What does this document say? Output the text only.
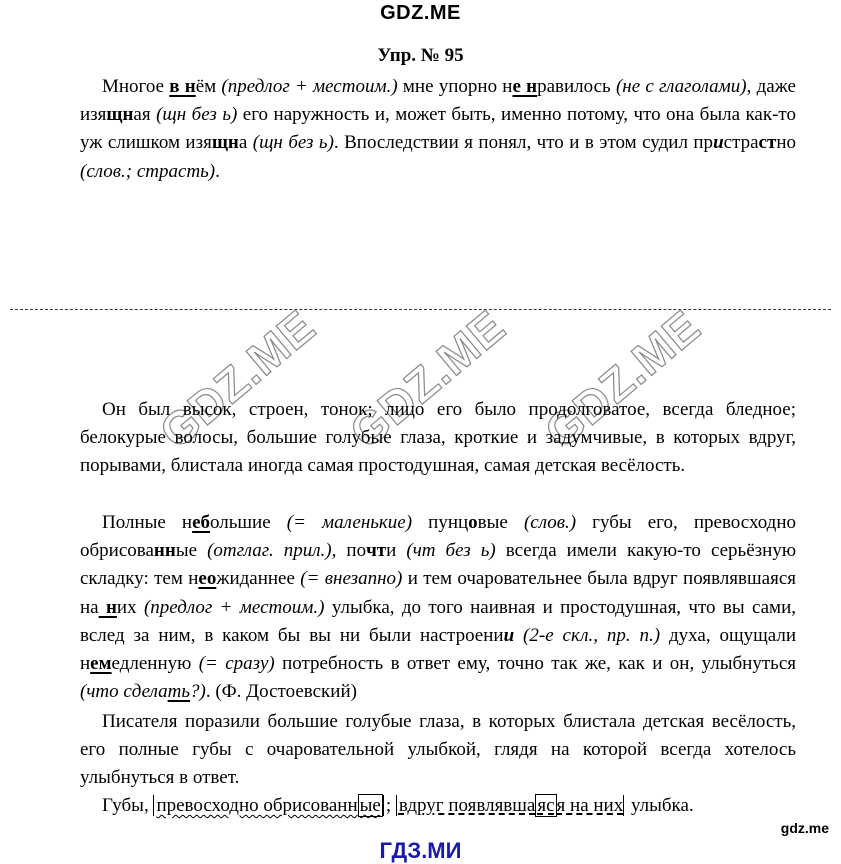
GDZ.ME
Упр. № 95

Многое в нём (предлог + местоим.) мне упорно не нравилось (не с глаголами), даже изящная (щн без ь) его наружность и, может быть, именно потому, что она была как-то уж слишком изящна (щн без ь). Впоследствии я понял, что и в этом судил пристрастно (слов.; страсть).

GDZ.ME GDZ.ME GDZ.ME

Он был высок, строен, тонок; лицо его было продолговатое, всегда бледное; белокурые волосы, большие голубые глаза, кроткие и задумчивые, в которых вдруг, порывами, блистала иногда самая простодушная, самая детская весёлость.

Полные небольшие (= маленькие) пунцовые (слов.) губы его, превосходно обрисованные (отглаг. прил.), почти (чт без ь) всегда имели какую-то серьёзную складку: тем неожиданнее (= внезапно) и тем очаровательнее была вдруг появлявшаяся на них (предлог + местоим.) улыбка, до того наивная и простодушная, что вы сами, вслед за ним, в каком бы вы ни были настроении (2-е скл., пр. п.) духа, ощущали немедленную (= сразу) потребность в ответ ему, точно так же, как и он, улыбнуться (что сделать?). (Ф. Достоевский)

Писателя поразили большие голубые глаза, в которых блистала детская весёлость, его полные губы с очаровательной улыбкой, глядя на которой всегда хотелось улыбнуться в ответ.

Губы, превосходно обрисованн ые ; вдруг появлявша яс я на них улыбка.

gdz.me
ГДЗ.МИ
